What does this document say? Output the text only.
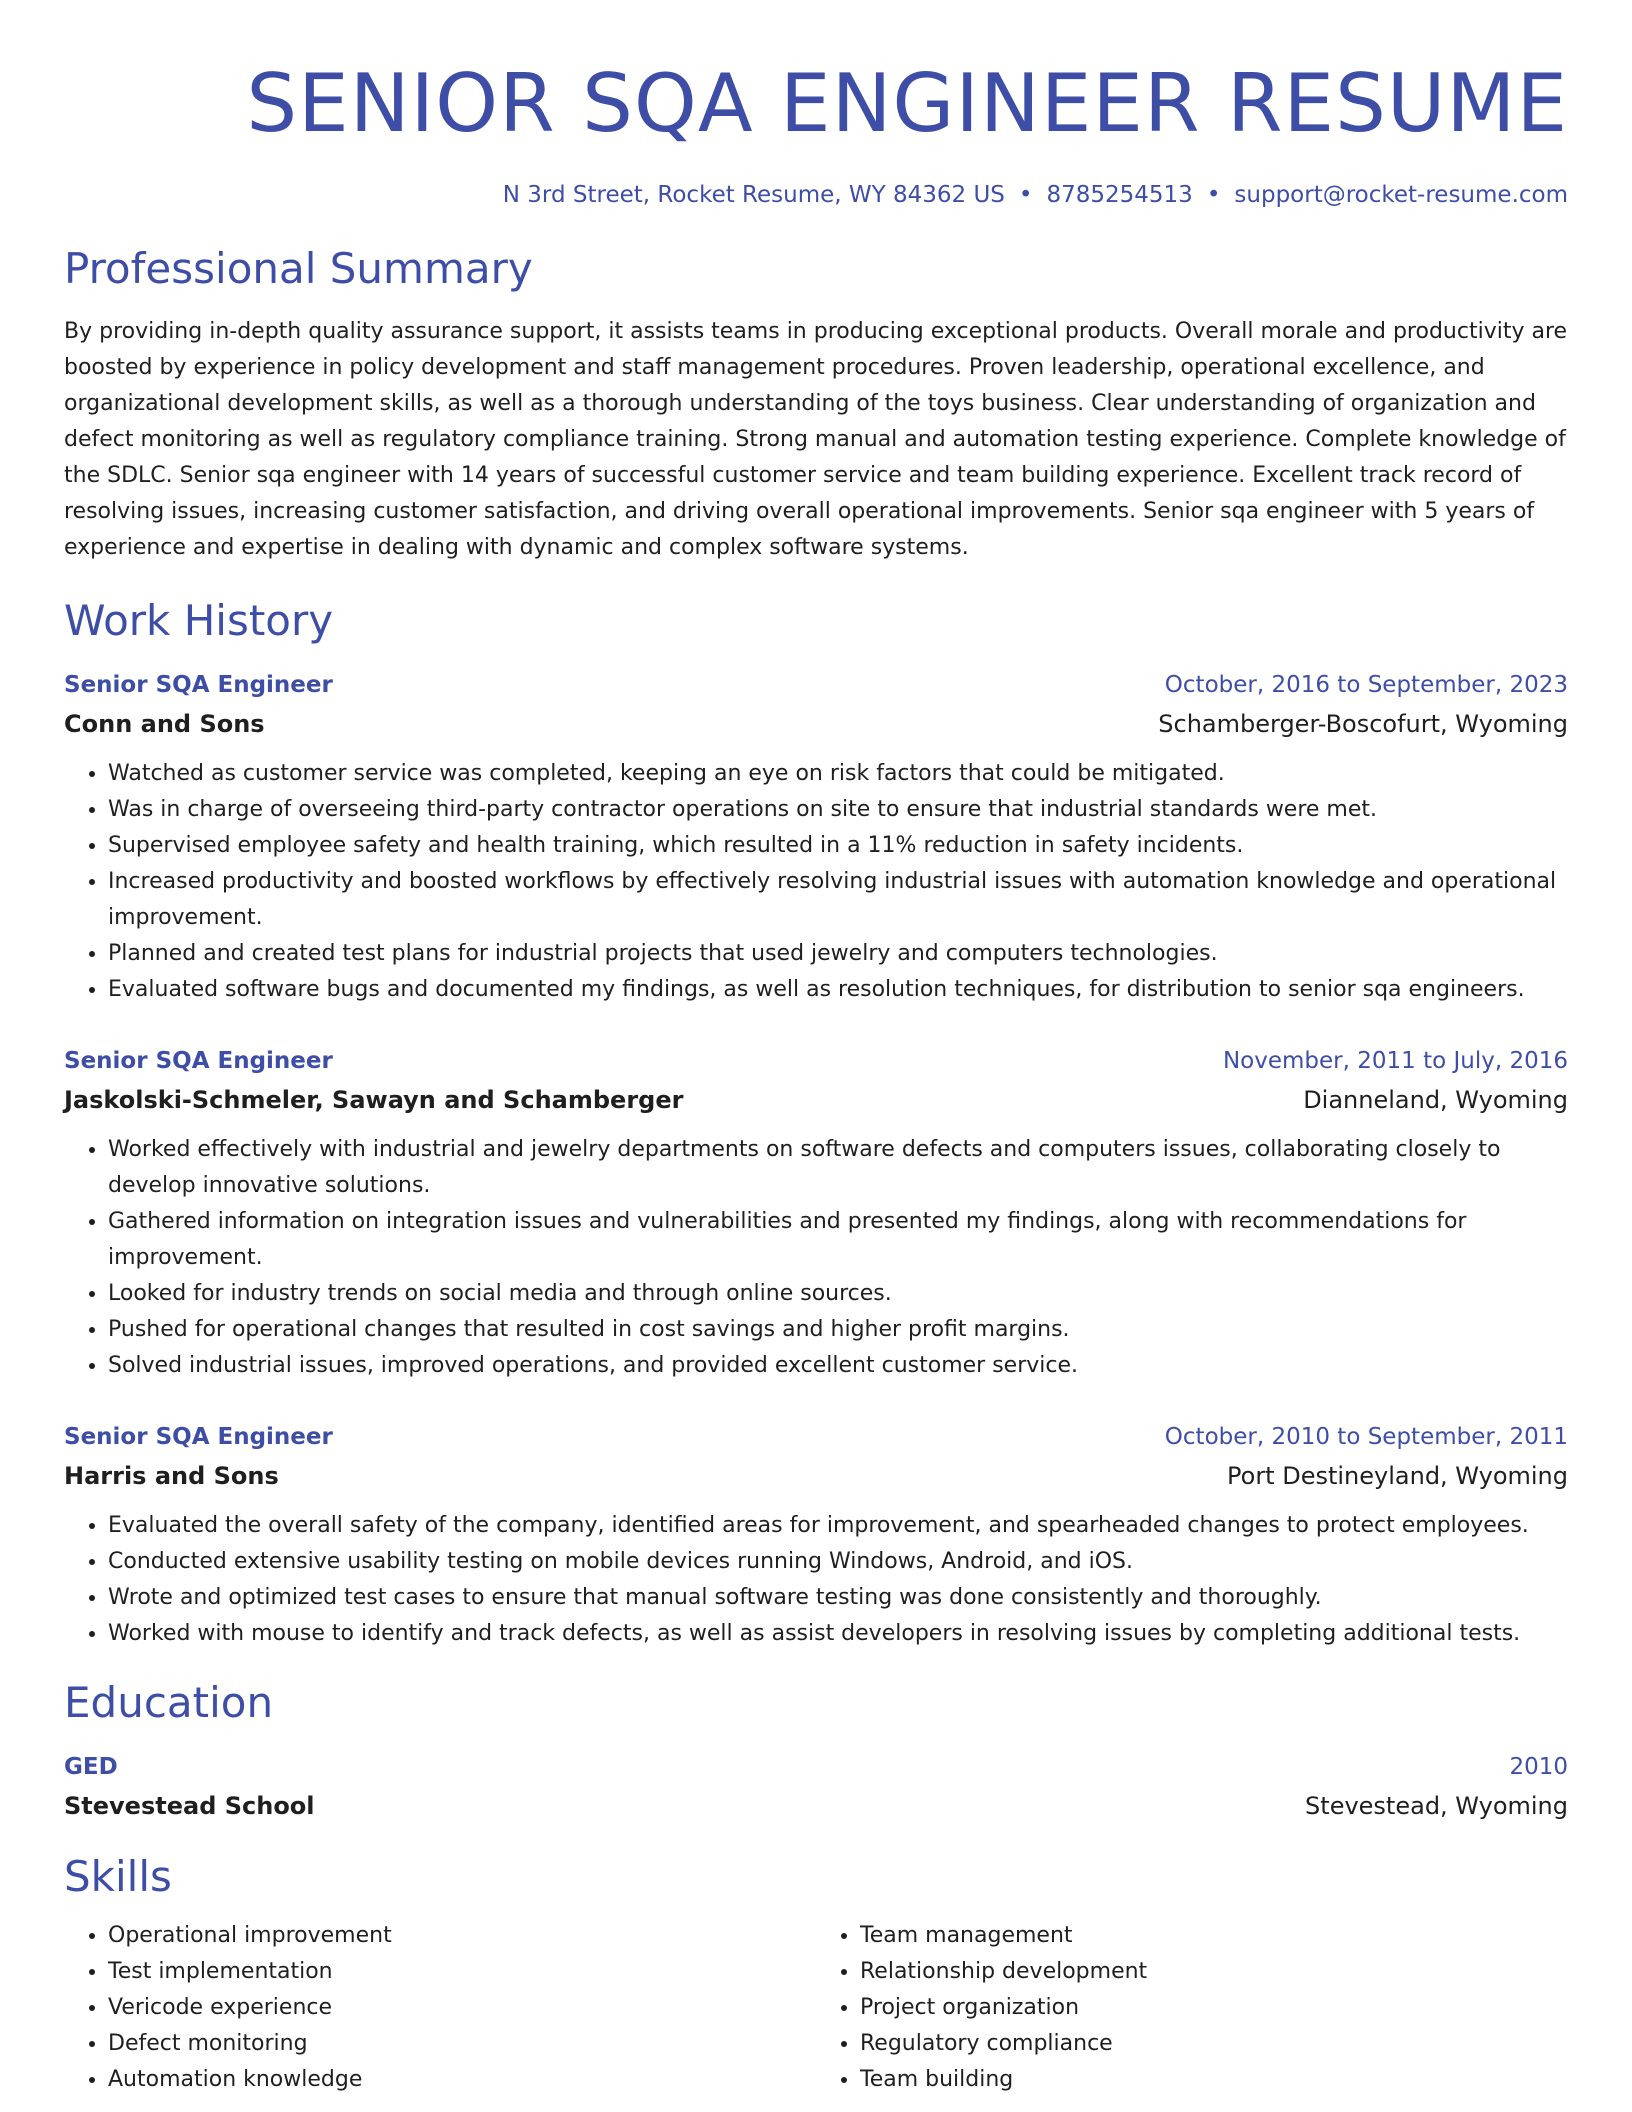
SENIOR SQA ENGINEER RESUME
N 3rd Street, Rocket Resume, WY 84362 US • 8785254513 • support@rocket-resume.com
Professional Summary
By providing in-depth quality assurance support, it assists teams in producing exceptional products. Overall morale and productivity are boosted by experience in policy development and staff management procedures. Proven leadership, operational excellence, and organizational development skills, as well as a thorough understanding of the toys business. Clear understanding of organization and defect monitoring as well as regulatory compliance training. Strong manual and automation testing experience. Complete knowledge of the SDLC. Senior sqa engineer with 14 years of successful customer service and team building experience. Excellent track record of resolving issues, increasing customer satisfaction, and driving overall operational improvements. Senior sqa engineer with 5 years of experience and expertise in dealing with dynamic and complex software systems.
Work History
Senior SQA Engineer	October, 2016 to September, 2023
Conn and Sons	Schamberger-Boscofurt, Wyoming
• Watched as customer service was completed, keeping an eye on risk factors that could be mitigated.
• Was in charge of overseeing third-party contractor operations on site to ensure that industrial standards were met.
• Supervised employee safety and health training, which resulted in a 11% reduction in safety incidents.
• Increased productivity and boosted workflows by effectively resolving industrial issues with automation knowledge and operational improvement.
• Planned and created test plans for industrial projects that used jewelry and computers technologies.
• Evaluated software bugs and documented my findings, as well as resolution techniques, for distribution to senior sqa engineers.
Senior SQA Engineer	November, 2011 to July, 2016
Jaskolski-Schmeler, Sawayn and Schamberger	Dianneland, Wyoming
• Worked effectively with industrial and jewelry departments on software defects and computers issues, collaborating closely to develop innovative solutions.
• Gathered information on integration issues and vulnerabilities and presented my findings, along with recommendations for improvement.
• Looked for industry trends on social media and through online sources.
• Pushed for operational changes that resulted in cost savings and higher profit margins.
• Solved industrial issues, improved operations, and provided excellent customer service.
Senior SQA Engineer	October, 2010 to September, 2011
Harris and Sons	Port Destineyland, Wyoming
• Evaluated the overall safety of the company, identified areas for improvement, and spearheaded changes to protect employees.
• Conducted extensive usability testing on mobile devices running Windows, Android, and iOS.
• Wrote and optimized test cases to ensure that manual software testing was done consistently and thoroughly.
• Worked with mouse to identify and track defects, as well as assist developers in resolving issues by completing additional tests.
Education
GED	2010
Stevestead School	Stevestead, Wyoming
Skills
• Operational improvement
• Test implementation
• Vericode experience
• Defect monitoring
• Automation knowledge
• Team management
• Relationship development
• Project organization
• Regulatory compliance
• Team building
